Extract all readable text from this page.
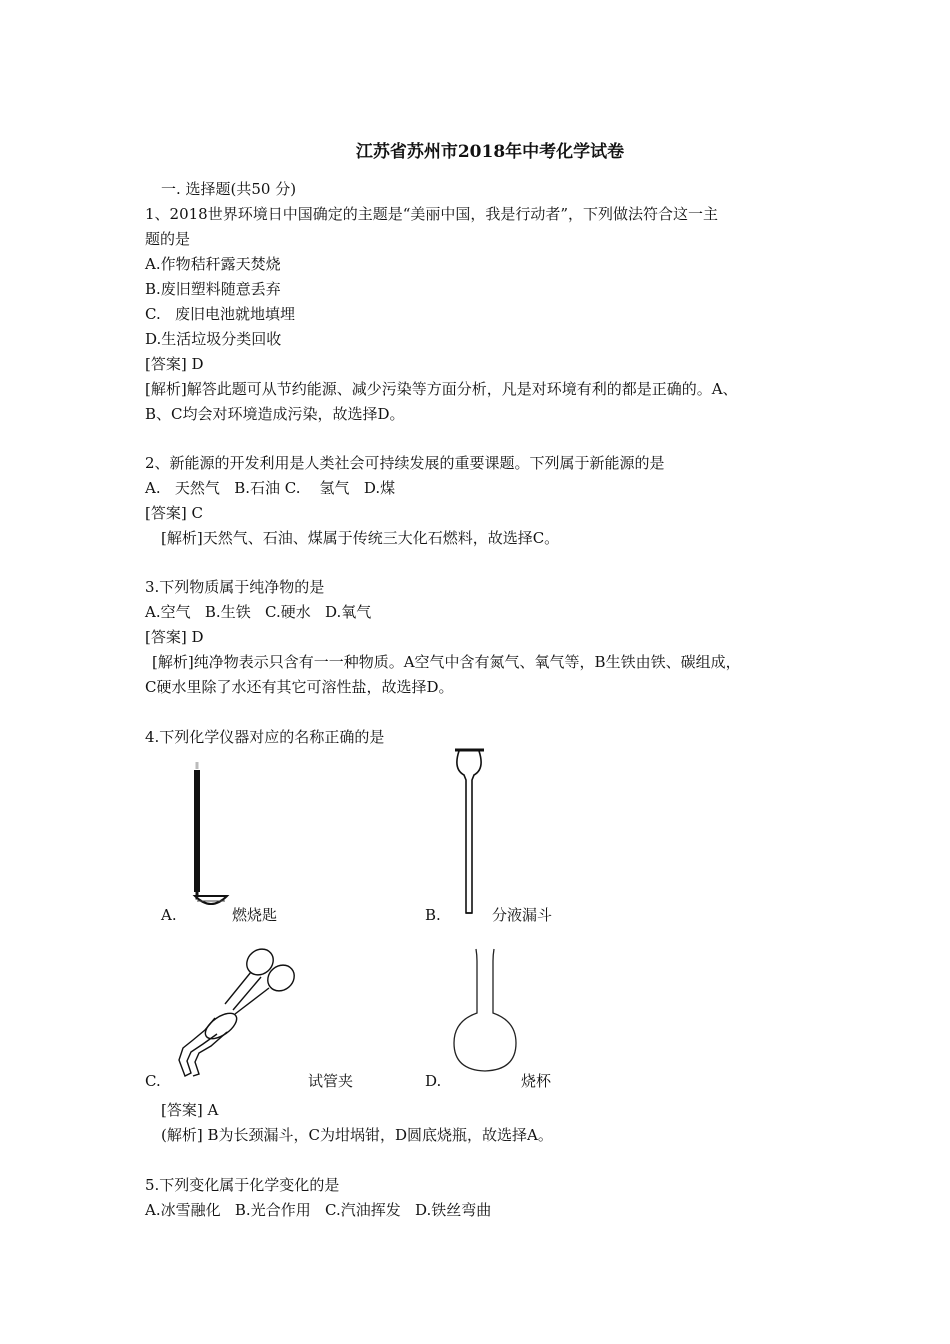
江苏省苏州市2018年中考化学试卷
一. 选择题(共50 分)
1、2018世界环境日中国确定的主题是“美丽中国，我是行动者”，下列做法符合这一主
题的是
A.作物秸秆露天焚烧
B.废旧塑料随意丢弃
C.   废旧电池就地填埋
D.生活垃圾分类回收
[答案] D
[解析]解答此题可从节约能源、减少污染等方面分析，凡是对环境有利的都是正确的。A、
B、C均会对环境造成污染，故选择D。
2、新能源的开发利用是人类社会可持续发展的重要课题。下列属于新能源的是
A.   天然气   B.石油 C.    氢气   D.煤
[答案] C
[解析]天然气、石油、煤属于传统三大化石燃料，故选择C。
3.下列物质属于纯净物的是
A.空气   B.生铁   C.硬水   D.氧气
[答案] D
[解析]纯净物表示只含有一一种物质。A空气中含有氮气、氧气等，B生铁由铁、碳组成，
C硬水里除了水还有其它可溶性盐，故选择D。
4.下列化学仪器对应的名称正确的是
A.	燃烧匙	B.	分液漏斗
C.	试管夹	D.	烧杯
[答案] A
(解析] B为长颈漏斗，C为坩埚钳，D圆底烧瓶，故选择A。
5.下列变化属于化学变化的是
A.冰雪融化   B.光合作用   C.汽油挥发   D.铁丝弯曲
